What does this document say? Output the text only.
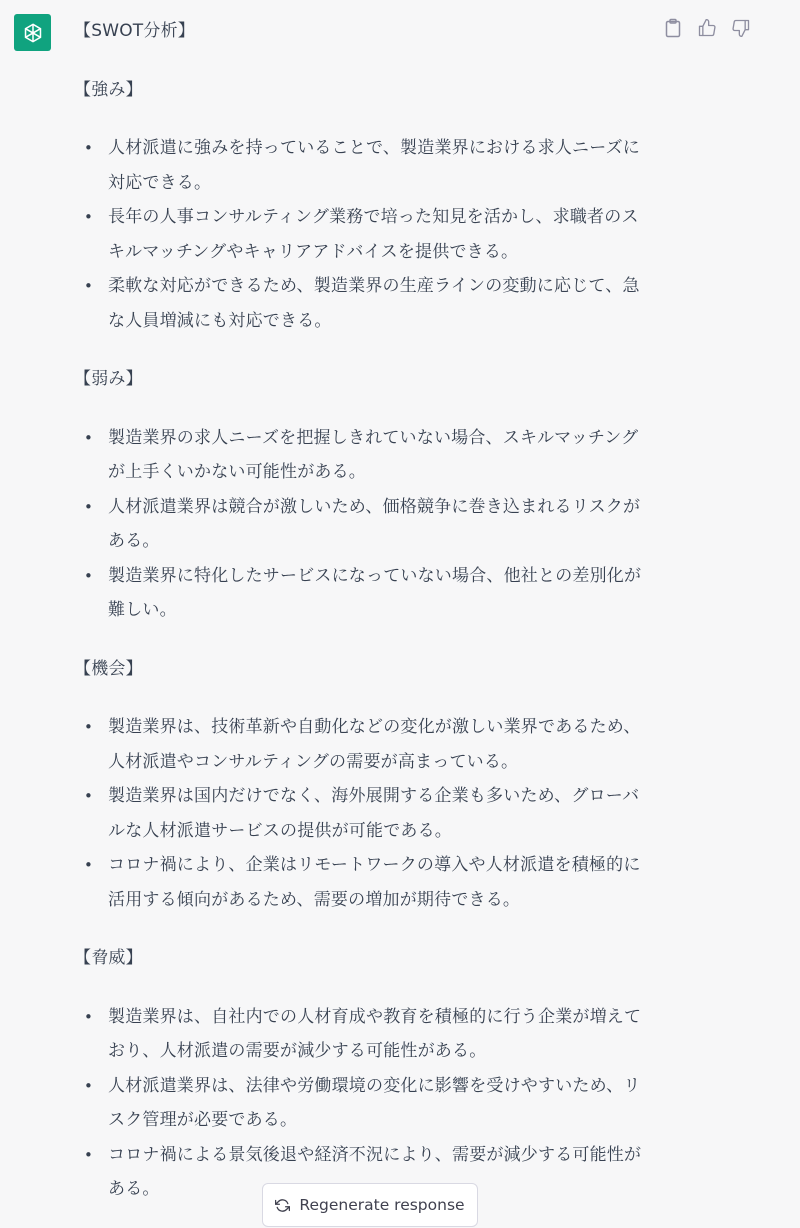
【SWOT分析】

【強み】

• 人材派遣に強みを持っていることで、製造業界における求人ニーズに対応できる。
• 長年の人事コンサルティング業務で培った知見を活かし、求職者のスキルマッチングやキャリアアドバイスを提供できる。
• 柔軟な対応ができるため、製造業界の生産ラインの変動に応じて、急な人員増減にも対応できる。

【弱み】

• 製造業界の求人ニーズを把握しきれていない場合、スキルマッチングが上手くいかない可能性がある。
• 人材派遣業界は競合が激しいため、価格競争に巻き込まれるリスクがある。
• 製造業界に特化したサービスになっていない場合、他社との差別化が難しい。

【機会】

• 製造業界は、技術革新や自動化などの変化が激しい業界であるため、人材派遣やコンサルティングの需要が高まっている。
• 製造業界は国内だけでなく、海外展開する企業も多いため、グローバルな人材派遣サービスの提供が可能である。
• コロナ禍により、企業はリモートワークの導入や人材派遣を積極的に活用する傾向があるため、需要の増加が期待できる。

【脅威】

• 製造業界は、自社内での人材育成や教育を積極的に行う企業が増えており、人材派遣の需要が減少する可能性がある。
• 人材派遣業界は、法律や労働環境の変化に影響を受けやすいため、リスク管理が必要である。
• コロナ禍による景気後退や経済不況により、需要が減少する可能性がある。
Regenerate response
